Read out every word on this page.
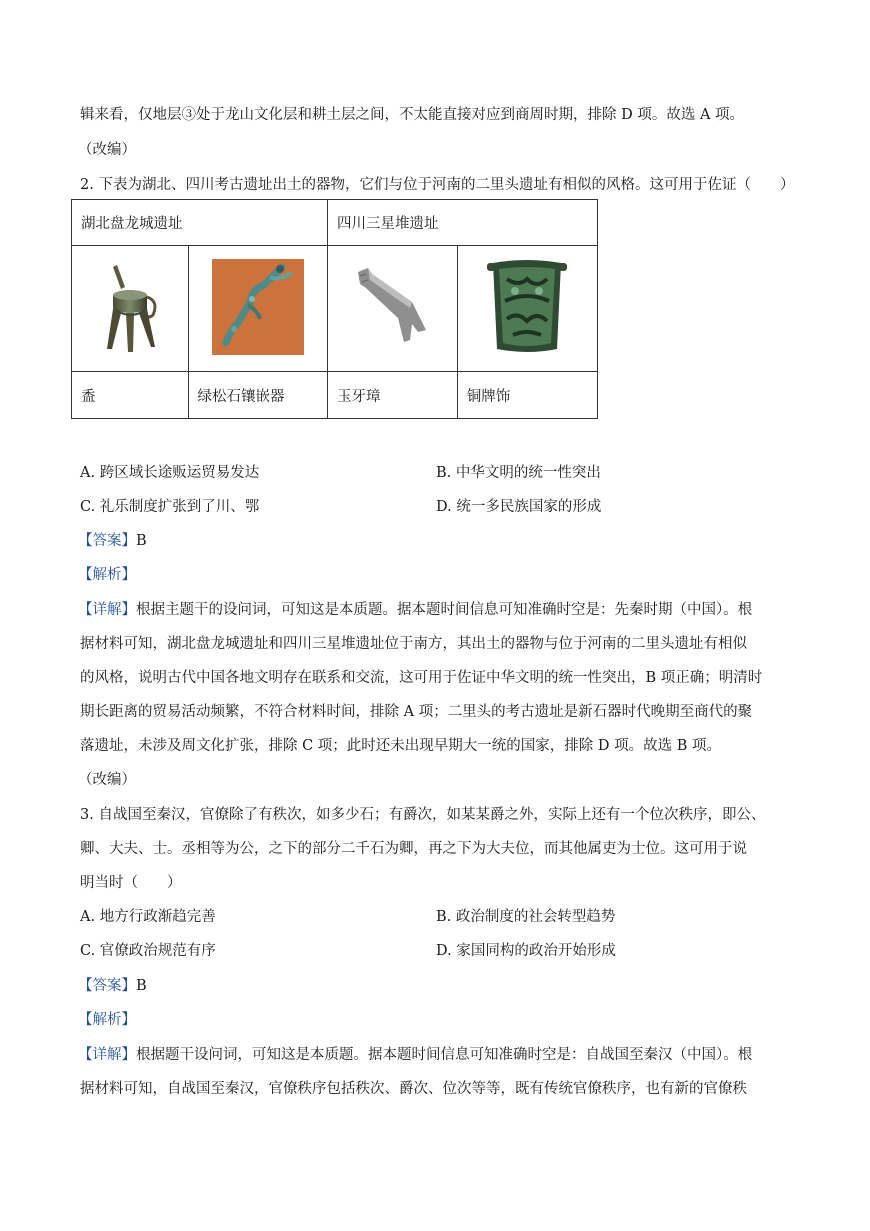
辑来看，仅地层③处于龙山文化层和耕土层之间，不太能直接对应到商周时期，排除 D 项。故选 A 项。
（改编）
2. 下表为湖北、四川考古遗址出土的器物，它们与位于河南的二里头遗址有相似的风格。这可用于佐证（　　）
湖北盘龙城遗址		四川三星堆遗址	

盉	绿松石镶嵌器	玉牙璋	铜牌饰
A. 跨区域长途贩运贸易发达	B. 中华文明的统一性突出
C. 礼乐制度扩张到了川、鄂	D. 统一多民族国家的形成
【答案】B
【解析】
【详解】根据主题干的设问词，可知这是本质题。据本题时间信息可知准确时空是：先秦时期（中国）。根
据材料可知，湖北盘龙城遗址和四川三星堆遗址位于南方，其出土的器物与位于河南的二里头遗址有相似
的风格，说明古代中国各地文明存在联系和交流，这可用于佐证中华文明的统一性突出，B 项正确；明清时
期长距离的贸易活动频繁，不符合材料时间，排除 A 项；二里头的考古遗址是新石器时代晚期至商代的聚
落遗址，未涉及周文化扩张，排除 C 项；此时还未出现早期大一统的国家，排除 D 项。故选 B 项。
（改编）
3. 自战国至秦汉，官僚除了有秩次，如多少石；有爵次，如某某爵之外，实际上还有一个位次秩序，即公、
卿、大夫、士。丞相等为公，之下的部分二千石为卿，再之下为大夫位，而其他属吏为士位。这可用于说
明当时（　　）
A. 地方行政渐趋完善	B. 政治制度的社会转型趋势
C. 官僚政治规范有序	D. 家国同构的政治开始形成
【答案】B
【解析】
【详解】根据题干设问词，可知这是本质题。据本题时间信息可知准确时空是：自战国至秦汉（中国）。根
据材料可知，自战国至秦汉，官僚秩序包括秩次、爵次、位次等等，既有传统官僚秩序，也有新的官僚秩
